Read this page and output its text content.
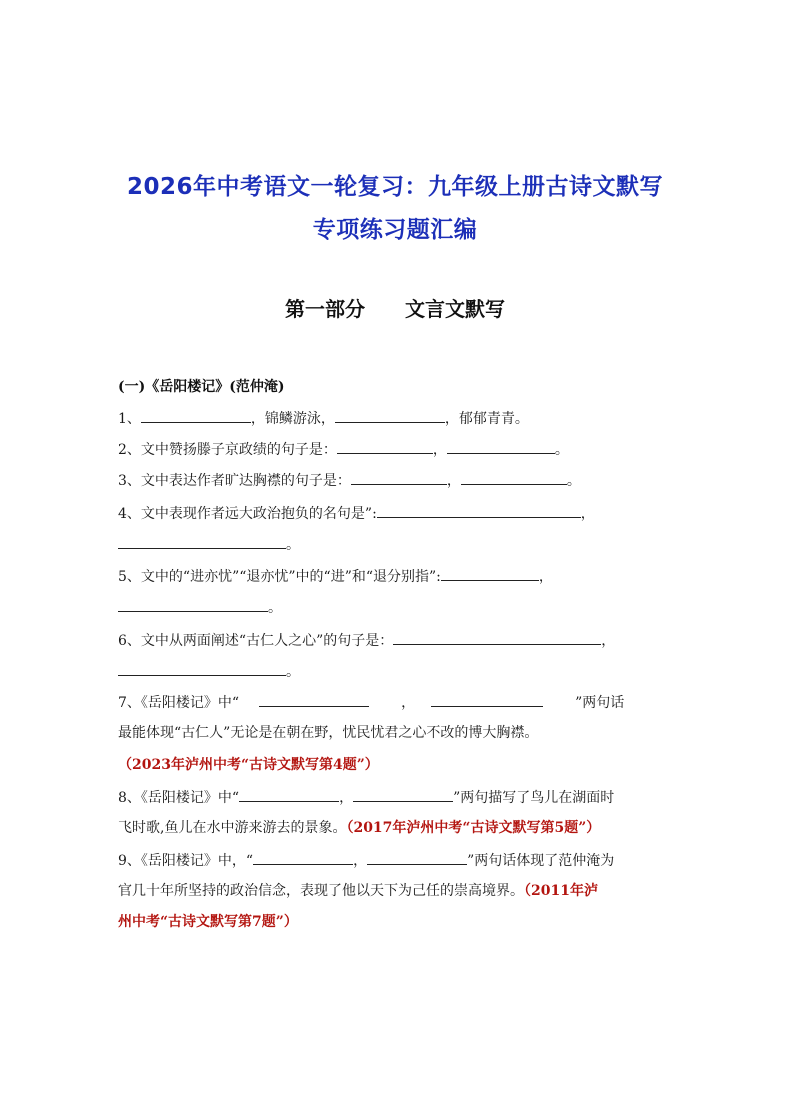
2026年中考语文一轮复习：九年级上册古诗文默写
专项练习题汇编
第一部分 文言文默写
(一)《岳阳楼记》(范仲淹)
1、	，锦鳞游泳，	，郁郁青青。
2、文中赞扬滕子京政绩的句子是：	，	。
3、文中表达作者旷达胸襟的句子是：	，	。
4、文中表现作者远大政治抱负的名句是”:	，
。
5、文中的“进亦忧”“退亦忧”中的“进”和“退分别指”:	，
。
6、文中从两面阐述“古仁人之心”的句子是：	，
。
7、《岳阳楼记》中“	，	”两句话
最能体现“古仁人”无论是在朝在野，忧民忧君之心不改的博大胸襟。
（2023年泸州中考“古诗文默写第4题”）
8、《岳阳楼记》中“	，	”两句描写了鸟儿在湖面时
飞时歌,鱼儿在水中游来游去的景象。（2017年泸州中考“古诗文默写第5题”）
9、《岳阳楼记》中，“	，	”两句话体现了范仲淹为
官几十年所坚持的政治信念，表现了他以天下为己任的崇高境界。（2011年泸
州中考“古诗文默写第7题”）
